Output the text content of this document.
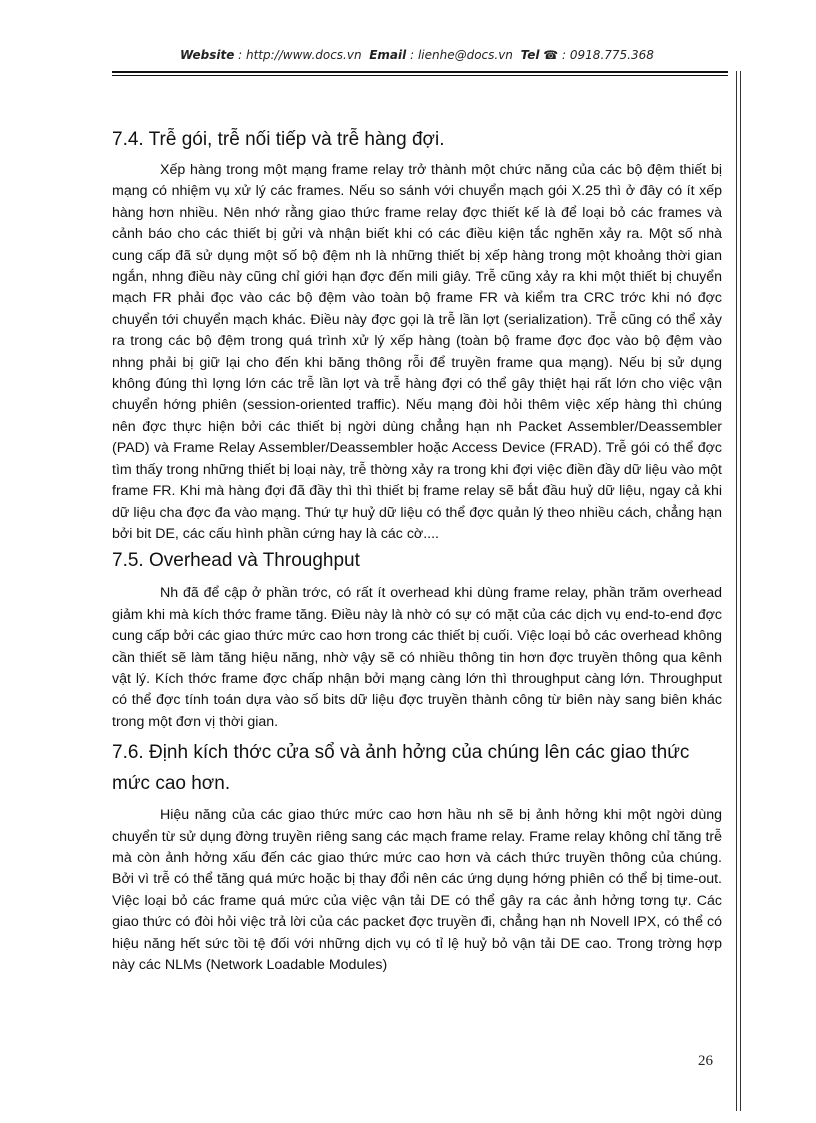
Website : http://www.docs.vn Email : lienhe@docs.vn Tel ☎ : 0918.775.368
7.4. Trễ gói, trễ nối tiếp và trễ hàng đợi.

Xếp hàng trong một mạng frame relay trở thành một chức năng của các bộ đệm thiết bị mạng có nhiệm vụ xử lý các frames. Nếu so sánh với chuyển mạch gói X.25 thì ở đây có ít xếp hàng hơn nhiều. Nên nhớ rằng giao thức frame relay đợc thiết kế là để loại bỏ các frames và cảnh báo cho các thiết bị gửi và nhận biết khi có các điều kiện tắc nghẽn xảy ra. Một số nhà cung cấp đã sử dụng một số bộ đệm nh là những thiết bị xếp hàng trong một khoảng thời gian ngắn, nhng điều này cũng chỉ giới hạn đợc đến mili giây. Trễ cũng xảy ra khi một thiết bị chuyển mạch FR phải đọc vào các bộ đệm vào toàn bộ frame FR và kiểm tra CRC trớc khi nó đợc chuyển tới chuyển mạch khác. Điều này đợc gọi là trễ lần lợt (serialization). Trễ cũng có thể xảy ra trong các bộ đệm trong quá trình xử lý xếp hàng (toàn bộ frame đợc đọc vào bộ đệm vào nhng phải bị giữ lại cho đến khi băng thông rỗi để truyền frame qua mạng). Nếu bị sử dụng không đúng thì lợng lớn các trễ lần lợt và trễ hàng đợi có thể gây thiệt hại rất lớn cho việc vận chuyển hớng phiên (session-oriented traffic). Nếu mạng đòi hỏi thêm việc xếp hàng thì chúng nên đợc thực hiện bởi các thiết bị ngời dùng chẳng hạn nh Packet Assembler/Deassembler (PAD) và Frame Relay Assembler/Deassembler hoặc Access Device (FRAD). Trễ gói có thể đợc tìm thấy trong những thiết bị loại này, trễ thờng xảy ra trong khi đợi việc điền đầy dữ liệu vào một frame FR. Khi mà hàng đợi đã đầy thì thì thiết bị frame relay sẽ bắt đầu huỷ dữ liệu, ngay cả khi dữ liệu cha đợc đa vào mạng. Thứ tự huỷ dữ liệu có thể đợc quản lý theo nhiều cách, chẳng hạn bởi bit DE, các cấu hình phần cứng hay là các cờ....

7.5. Overhead và Throughput

Nh đã để cập ở phần trớc, có rất ít overhead khi dùng frame relay, phần trăm overhead giảm khi mà kích thớc frame tăng. Điều này là nhờ có sự có mặt của các dịch vụ end-to-end đợc cung cấp bởi các giao thức mức cao hơn trong các thiết bị cuối. Việc loại bỏ các overhead không cần thiết sẽ làm tăng hiệu năng, nhờ vậy sẽ có nhiều thông tin hơn đợc truyền thông qua kênh vật lý. Kích thớc frame đợc chấp nhận bởi mạng càng lớn thì throughput càng lớn. Throughput có thể đợc tính toán dựa vào số bits dữ liệu đợc truyền thành công từ biên này sang biên khác trong một đơn vị thời gian.

7.6. Định kích thớc cửa sổ và ảnh hởng của chúng lên các giao thức mức cao hơn.

Hiệu năng của các giao thức mức cao hơn hầu nh sẽ bị ảnh hởng khi một ngời dùng chuyển từ sử dụng đờng truyền riêng sang các mạch frame relay. Frame relay không chỉ tăng trễ mà còn ảnh hởng xấu đến các giao thức mức cao hơn và cách thức truyền thông của chúng. Bởi vì trễ có thể tăng quá mức hoặc bị thay đổi nên các ứng dụng hớng phiên có thể bị time-out. Việc loại bỏ các frame quá mức của việc vận tải DE có thể gây ra các ảnh hởng tơng tự. Các giao thức có đòi hỏi việc trả lời của các packet đợc truyền đi, chẳng hạn nh Novell IPX, có thể có hiệu năng hết sức tồi tệ đối với những dịch vụ có tỉ lệ huỷ bỏ vận tải DE cao. Trong trờng hợp này các NLMs (Network Loadable Modules)

26
